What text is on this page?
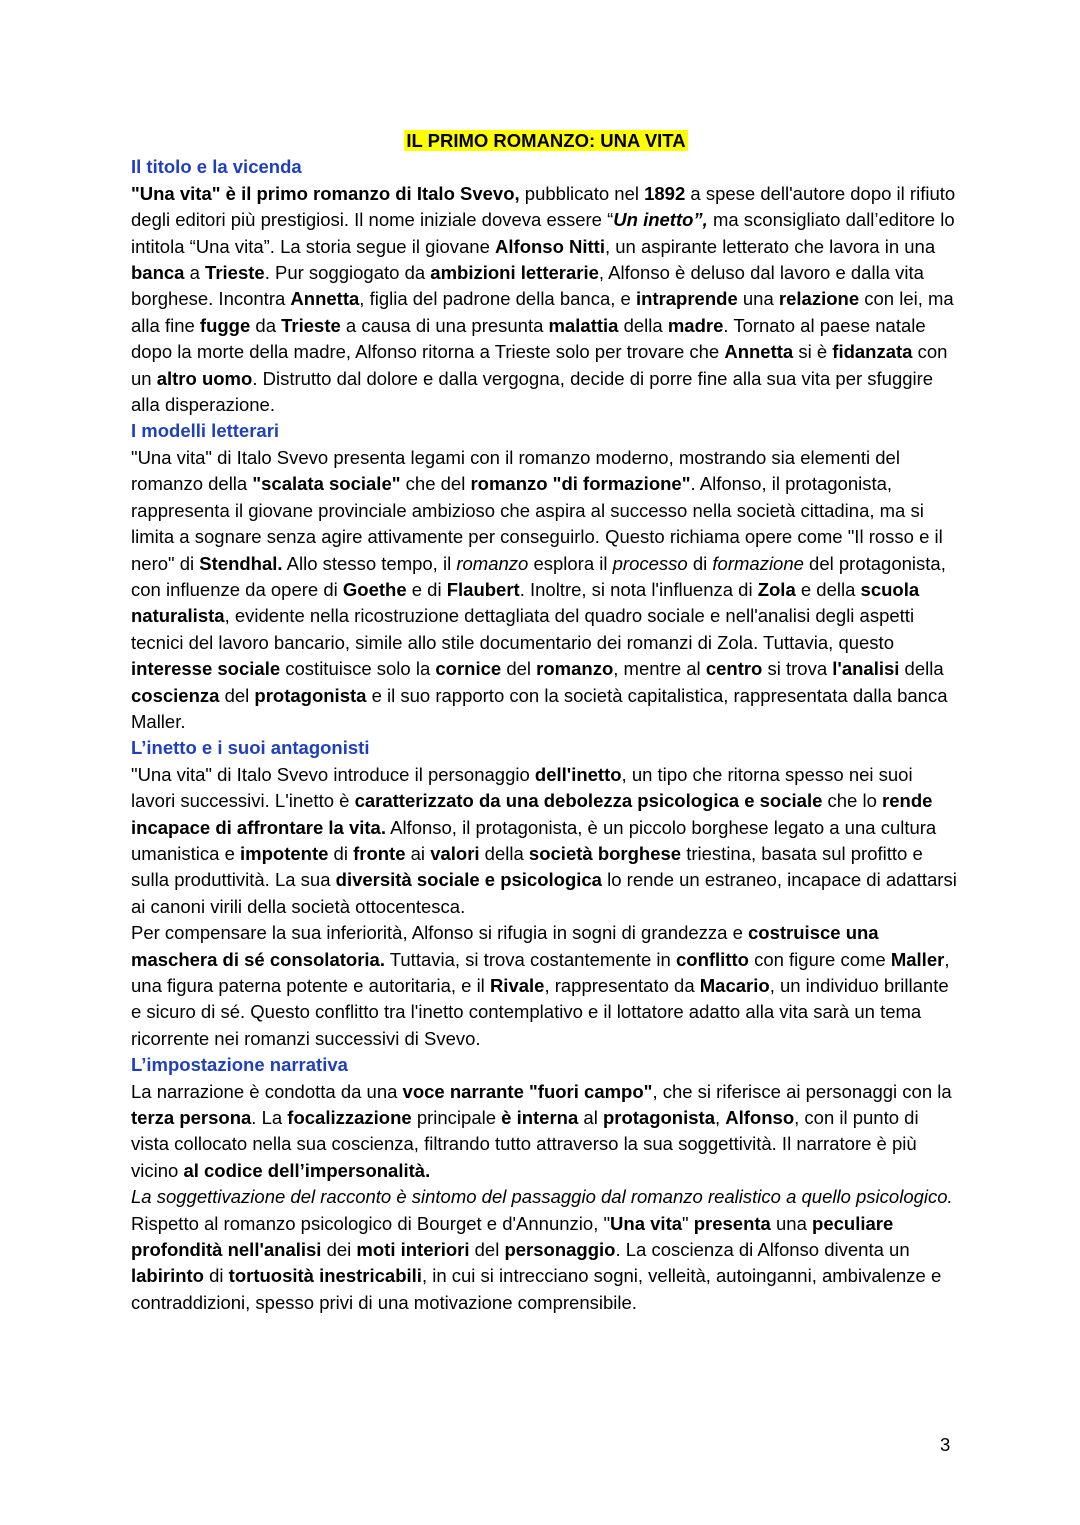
IL PRIMO ROMANZO: UNA VITA
Il titolo e la vicenda

"Una vita" è il primo romanzo di Italo Svevo, pubblicato nel 1892 a spese dell'autore dopo il rifiuto degli editori più prestigiosi. Il nome iniziale doveva essere “Un inetto”, ma sconsigliato dall’editore lo intitola “Una vita”. La storia segue il giovane Alfonso Nitti, un aspirante letterato che lavora in una banca a Trieste. Pur soggiogato da ambizioni letterarie, Alfonso è deluso dal lavoro e dalla vita borghese. Incontra Annetta, figlia del padrone della banca, e intraprende una relazione con lei, ma alla fine fugge da Trieste a causa di una presunta malattia della madre. Tornato al paese natale dopo la morte della madre, Alfonso ritorna a Trieste solo per trovare che Annetta si è fidanzata con un altro uomo. Distrutto dal dolore e dalla vergogna, decide di porre fine alla sua vita per sfuggire alla disperazione.

I modelli letterari

"Una vita" di Italo Svevo presenta legami con il romanzo moderno, mostrando sia elementi del romanzo della "scalata sociale" che del romanzo "di formazione". Alfonso, il protagonista, rappresenta il giovane provinciale ambizioso che aspira al successo nella società cittadina, ma si limita a sognare senza agire attivamente per conseguirlo. Questo richiama opere come "Il rosso e il nero" di Stendhal. Allo stesso tempo, il romanzo esplora il processo di formazione del protagonista, con influenze da opere di Goethe e di Flaubert. Inoltre, si nota l'influenza di Zola e della scuola naturalista, evidente nella ricostruzione dettagliata del quadro sociale e nell'analisi degli aspetti tecnici del lavoro bancario, simile allo stile documentario dei romanzi di Zola. Tuttavia, questo interesse sociale costituisce solo la cornice del romanzo, mentre al centro si trova l'analisi della coscienza del protagonista e il suo rapporto con la società capitalistica, rappresentata dalla banca Maller.

L’inetto e i suoi antagonisti

"Una vita" di Italo Svevo introduce il personaggio dell'inetto, un tipo che ritorna spesso nei suoi lavori successivi. L'inetto è caratterizzato da una debolezza psicologica e sociale che lo rende incapace di affrontare la vita. Alfonso, il protagonista, è un piccolo borghese legato a una cultura umanistica e impotente di fronte ai valori della società borghese triestina, basata sul profitto e sulla produttività. La sua diversità sociale e psicologica lo rende un estraneo, incapace di adattarsi ai canoni virili della società ottocentesca.

Per compensare la sua inferiorità, Alfonso si rifugia in sogni di grandezza e costruisce una maschera di sé consolatoria. Tuttavia, si trova costantemente in conflitto con figure come Maller, una figura paterna potente e autoritaria, e il Rivale, rappresentato da Macario, un individuo brillante e sicuro di sé. Questo conflitto tra l'inetto contemplativo e il lottatore adatto alla vita sarà un tema ricorrente nei romanzi successivi di Svevo.

L’impostazione narrativa

La narrazione è condotta da una voce narrante "fuori campo", che si riferisce ai personaggi con la terza persona. La focalizzazione principale è interna al protagonista, Alfonso, con il punto di vista collocato nella sua coscienza, filtrando tutto attraverso la sua soggettività. Il narratore è più vicino al codice dell’impersonalità.

La soggettivazione del racconto è sintomo del passaggio dal romanzo realistico a quello psicologico.

Rispetto al romanzo psicologico di Bourget e d'Annunzio, "Una vita" presenta una peculiare profondità nell'analisi dei moti interiori del personaggio. La coscienza di Alfonso diventa un labirinto di tortuosità inestricabili, in cui si intrecciano sogni, velleità, autoinganni, ambivalenze e contraddizioni, spesso privi di una motivazione comprensibile.

3
